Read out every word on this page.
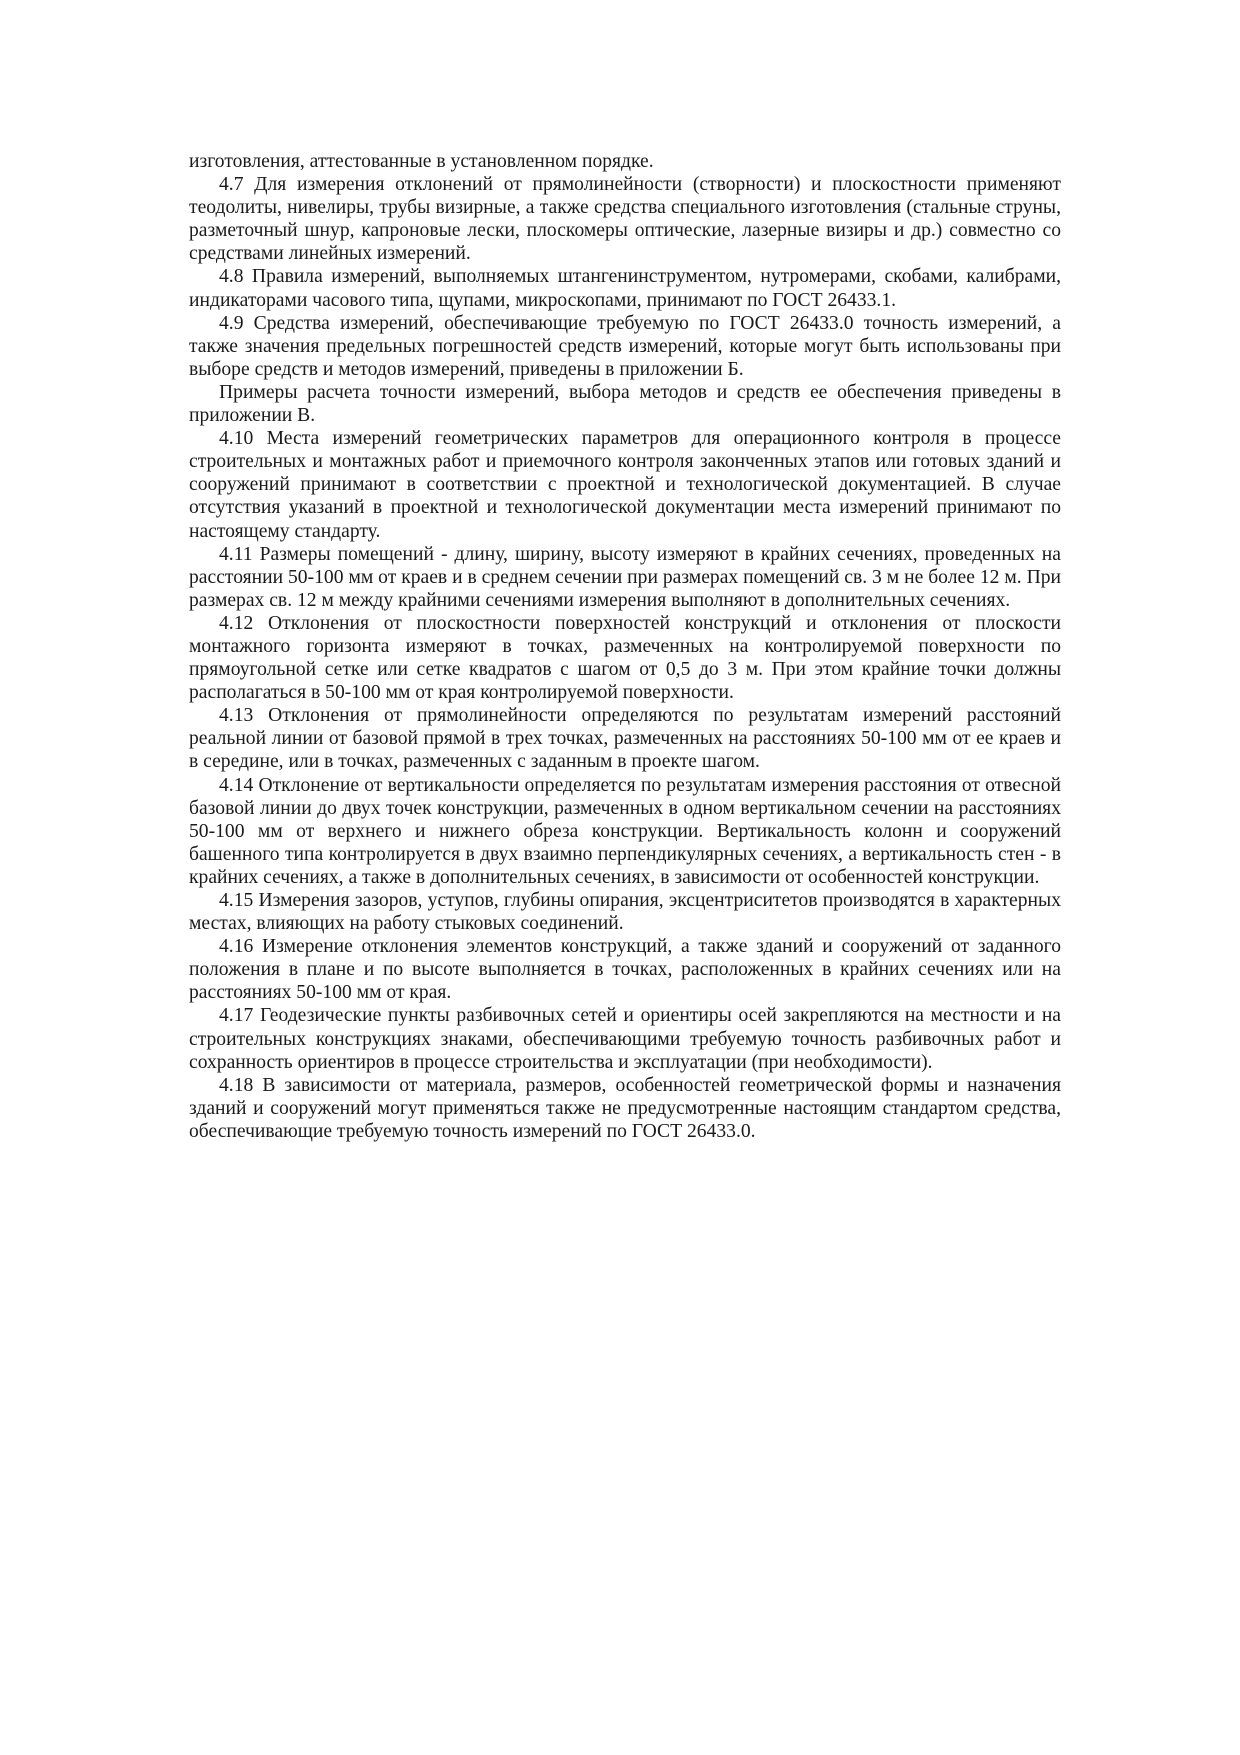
изготовления, аттестованные в установленном порядке.

4.7 Для измерения отклонений от прямолинейности (створности) и плоскостности применяют теодолиты, нивелиры, трубы визирные, а также средства специального изготовления (стальные струны, разметочный шнур, капроновые лески, плоскомеры оптические, лазерные визиры и др.) совместно со средствами линейных измерений.

4.8 Правила измерений, выполняемых штангенинструментом, нутромерами, скобами, калибрами, индикаторами часового типа, щупами, микроскопами, принимают по ГОСТ 26433.1.

4.9 Средства измерений, обеспечивающие требуемую по ГОСТ 26433.0 точность измерений, а также значения предельных погрешностей средств измерений, которые могут быть использованы при выборе средств и методов измерений, приведены в приложении Б.

Примеры расчета точности измерений, выбора методов и средств ее обеспечения приведены в приложении В.

4.10 Места измерений геометрических параметров для операционного контроля в процессе строительных и монтажных работ и приемочного контроля законченных этапов или готовых зданий и сооружений принимают в соответствии с проектной и технологической документацией. В случае отсутствия указаний в проектной и технологической документации места измерений принимают по настоящему стандарту.

4.11 Размеры помещений - длину, ширину, высоту измеряют в крайних сечениях, проведенных на расстоянии 50-100 мм от краев и в среднем сечении при размерах помещений св. 3 м не более 12 м. При размерах св. 12 м между крайними сечениями измерения выполняют в дополнительных сечениях.

4.12 Отклонения от плоскостности поверхностей конструкций и отклонения от плоскости монтажного горизонта измеряют в точках, размеченных на контролируемой поверхности по прямоугольной сетке или сетке квадратов с шагом от 0,5 до 3 м. При этом крайние точки должны располагаться в 50-100 мм от края контролируемой поверхности.

4.13 Отклонения от прямолинейности определяются по результатам измерений расстояний реальной линии от базовой прямой в трех точках, размеченных на расстояниях 50-100 мм от ее краев и в середине, или в точках, размеченных с заданным в проекте шагом.

4.14 Отклонение от вертикальности определяется по результатам измерения расстояния от отвесной базовой линии до двух точек конструкции, размеченных в одном вертикальном сечении на расстояниях 50-100 мм от верхнего и нижнего обреза конструкции. Вертикальность колонн и сооружений башенного типа контролируется в двух взаимно перпендикулярных сечениях, а вертикальность стен - в крайних сечениях, а также в дополнительных сечениях, в зависимости от особенностей конструкции.

4.15 Измерения зазоров, уступов, глубины опирания, эксцентриситетов производятся в характерных местах, влияющих на работу стыковых соединений.

4.16 Измерение отклонения элементов конструкций, а также зданий и сооружений от заданного положения в плане и по высоте выполняется в точках, расположенных в крайних сечениях или на расстояниях 50-100 мм от края.

4.17 Геодезические пункты разбивочных сетей и ориентиры осей закрепляются на местности и на строительных конструкциях знаками, обеспечивающими требуемую точность разбивочных работ и сохранность ориентиров в процессе строительства и эксплуатации (при необходимости).

4.18 В зависимости от материала, размеров, особенностей геометрической формы и назначения зданий и сооружений могут применяться также не предусмотренные настоящим стандартом средства, обеспечивающие требуемую точность измерений по ГОСТ 26433.0.
